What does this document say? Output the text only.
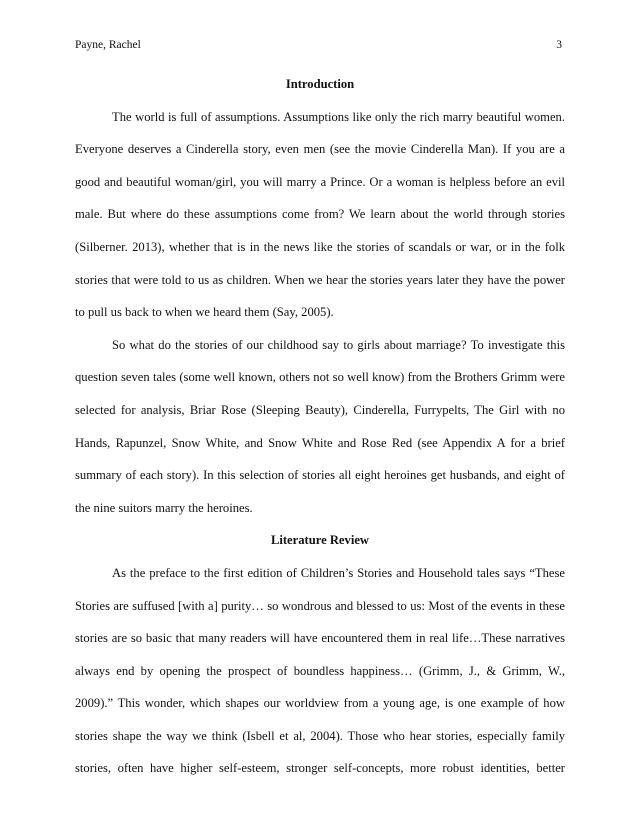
Payne, Rachel	3
Introduction
The world is full of assumptions. Assumptions like only the rich marry beautiful women.
Everyone deserves a Cinderella story, even men (see the movie Cinderella Man). If you are a
good and beautiful woman/girl, you will marry a Prince. Or a woman is helpless before an evil
male. But where do these assumptions come from? We learn about the world through stories
(Silberner. 2013), whether that is in the news like the stories of scandals or war, or in the folk
stories that were told to us as children. When we hear the stories years later they have the power
to pull us back to when we heard them (Say, 2005).
So what do the stories of our childhood say to girls about marriage? To investigate this
question seven tales (some well known, others not so well know) from the Brothers Grimm were
selected for analysis, Briar Rose (Sleeping Beauty), Cinderella, Furrypelts, The Girl with no
Hands, Rapunzel, Snow White, and Snow White and Rose Red (see Appendix A for a brief
summary of each story). In this selection of stories all eight heroines get husbands, and eight of
the nine suitors marry the heroines.
Literature Review
As the preface to the first edition of Children’s Stories and Household tales says “These
Stories are suffused [with a] purity… so wondrous and blessed to us: Most of the events in these
stories are so basic that many readers will have encountered them in real life…These narratives
always end by opening the prospect of boundless happiness… (Grimm, J., & Grimm, W.,
2009).” This wonder, which shapes our worldview from a young age, is one example of how
stories shape the way we think (Isbell et al, 2004). Those who hear stories, especially family
stories, often have higher self-esteem, stronger self-concepts, more robust identities, better
